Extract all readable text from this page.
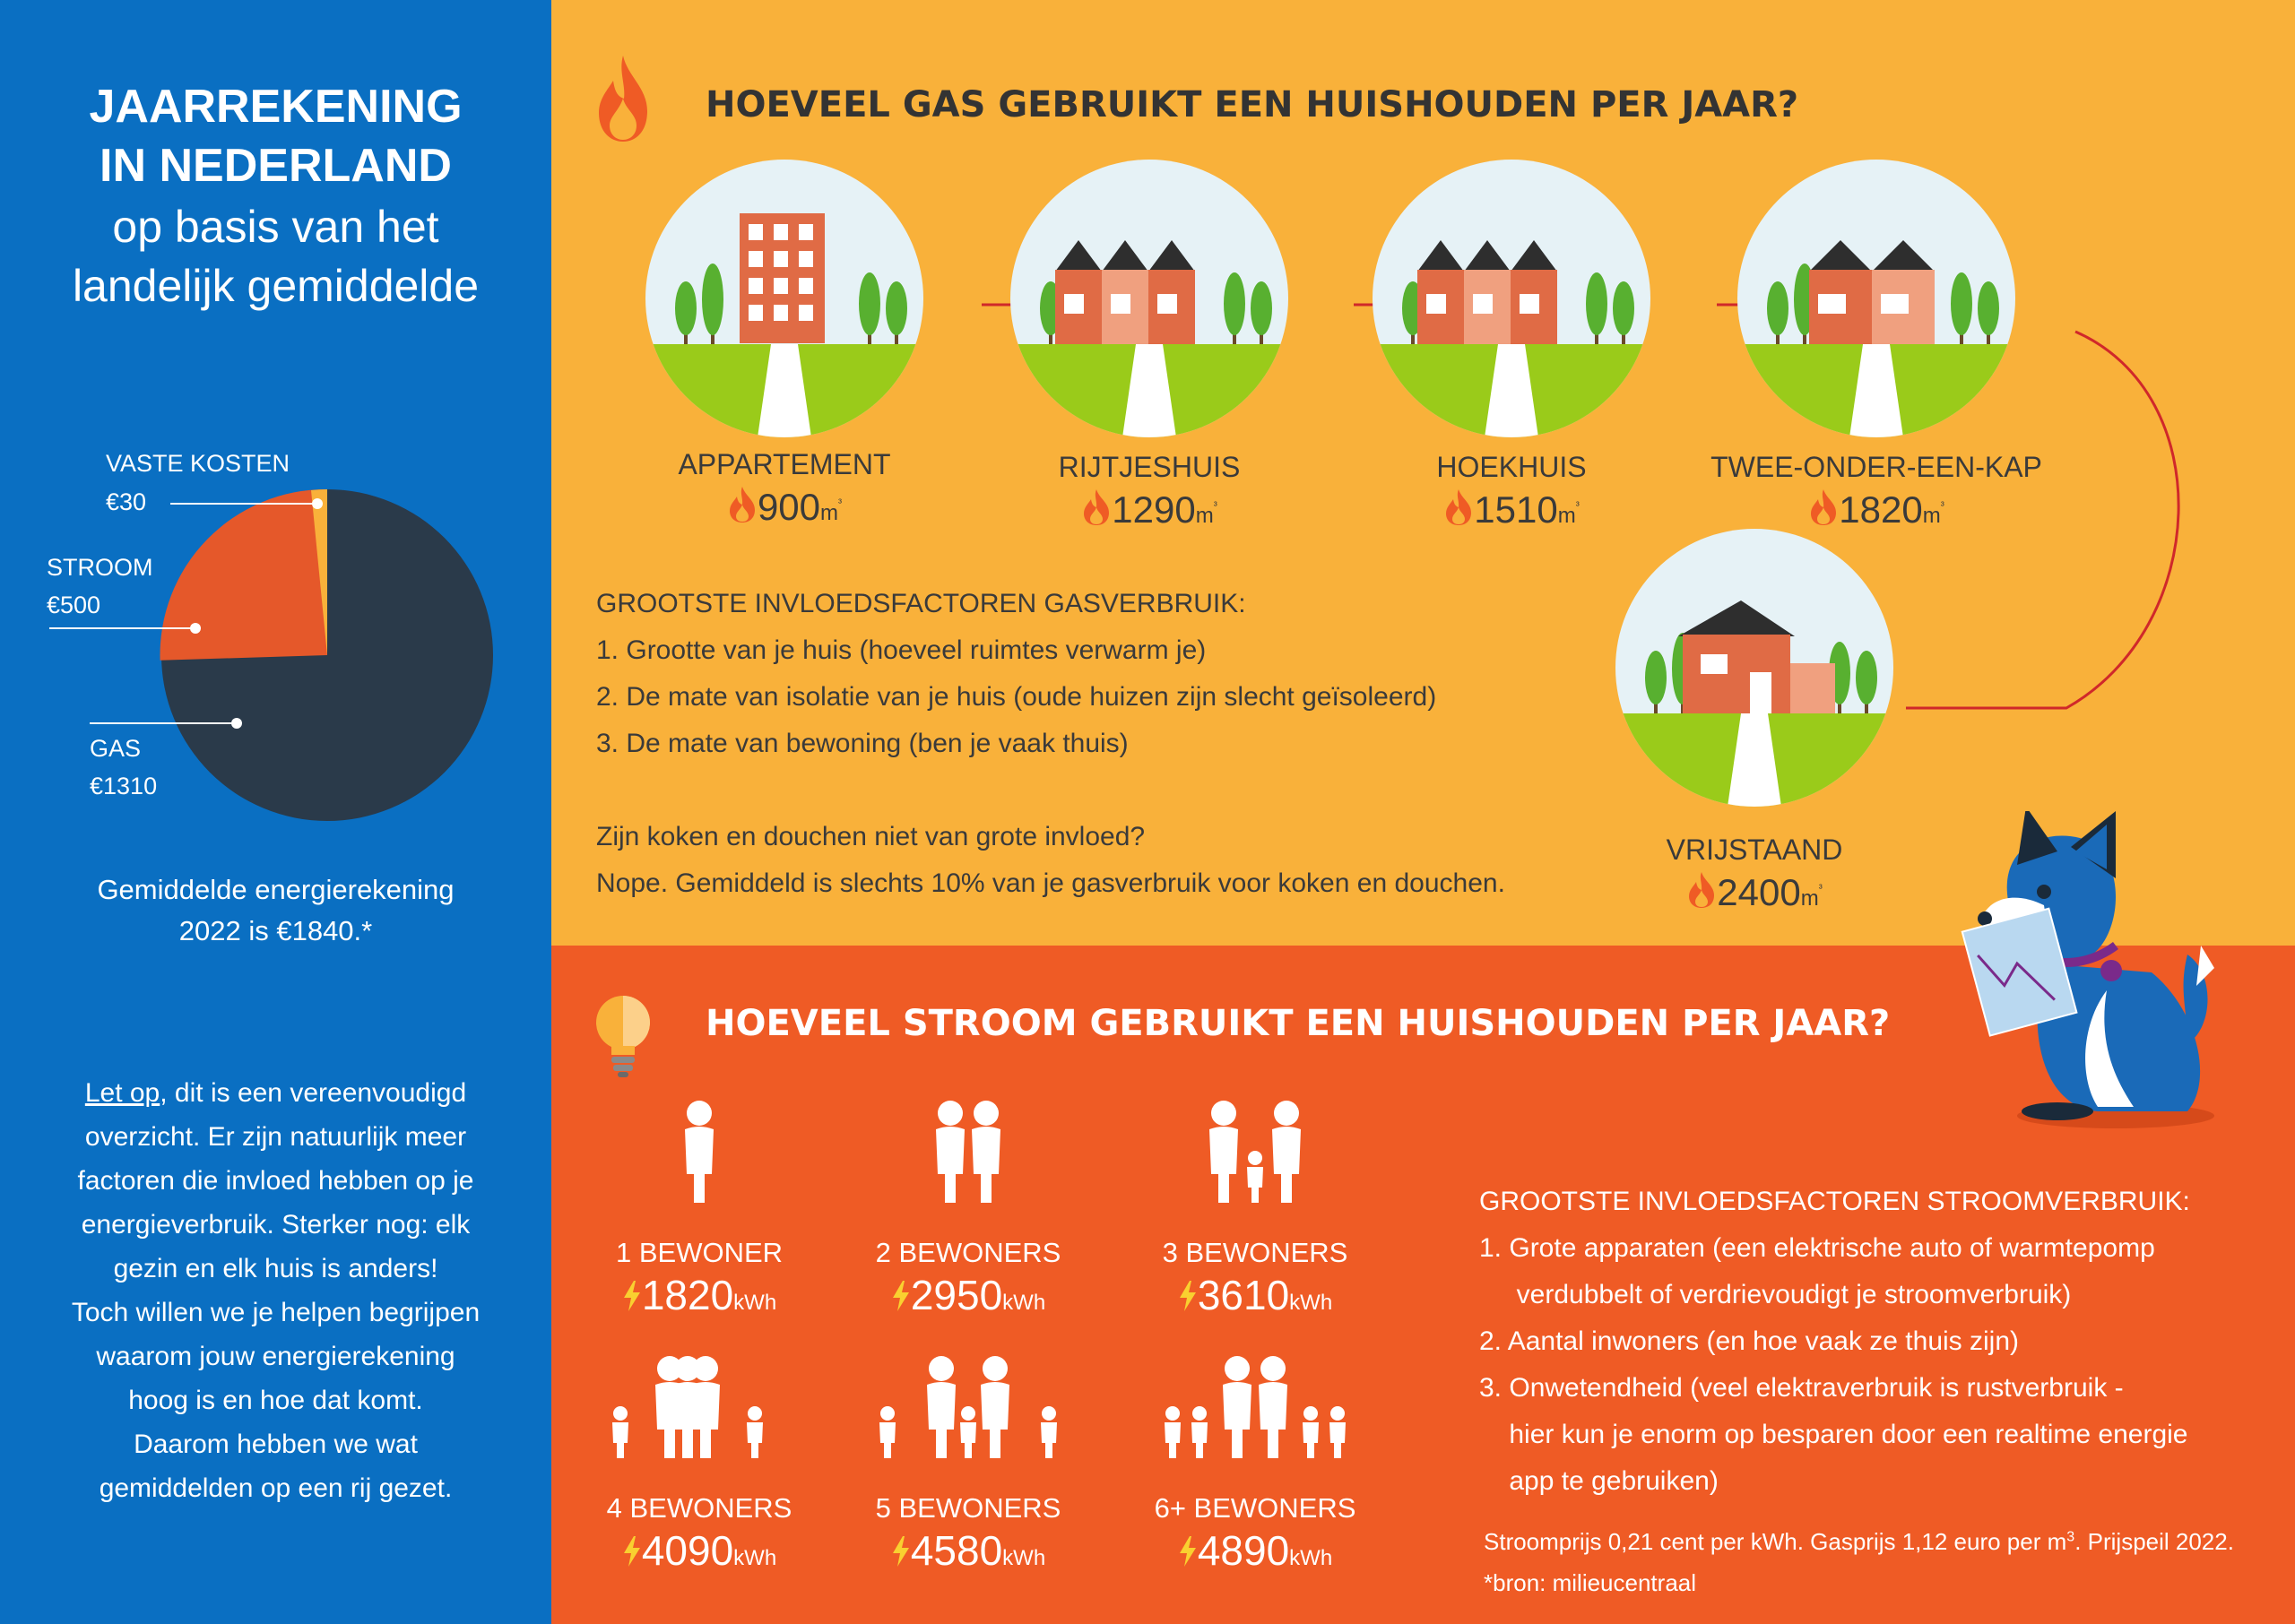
JAARREKENING
IN NEDERLAND
op basis van het
landelijk gemiddelde
VASTE KOSTEN
€30
STROOM
€500
GAS
€1310
Gemiddelde energierekening
2022 is €1840.*
Let op, dit is een vereenvoudigd
overzicht. Er zijn natuurlijk meer
factoren die invloed hebben op je
energieverbruik. Sterker nog: elk
gezin en elk huis is anders!
Toch willen we je helpen begrijpen
waarom jouw energierekening
hoog is en hoe dat komt.
Daarom hebben we wat
gemiddelden op een rij gezet.
HOEVEEL GAS GEBRUIKT EEN HUISHOUDEN PER JAAR?
APPARTEMENT
$900m^{^3}$
RIJTJESHUIS
$1290m^{^3}$
HOEKHUIS
$1510m^{^3}$
TWEE-ONDER-EEN-KAP
$1820m^{^3}$
VRIJSTAAND
$2400m^{^3}$
GROOTSTE INVLOEDSFACTOREN GASVERBRUIK:
1. Grootte van je huis (hoeveel ruimtes verwarm je)
2. De mate van isolatie van je huis (oude huizen zijn slecht geïsoleerd)
3. De mate van bewoning (ben je vaak thuis)
Zijn koken en douchen niet van grote invloed?
Nope. Gemiddeld is slechts 10% van je gasverbruik voor koken en douchen.
HOEVEEL STROOM GEBRUIKT EEN HUISHOUDEN PER JAAR?
1 BEWONER
1820kWh
2 BEWONERS
2950kWh
3 BEWONERS
3610kWh
4 BEWONERS
4090kWh
5 BEWONERS
4580kWh
6+ BEWONERS
4890kWh
GROOTSTE INVLOEDSFACTOREN STROOMVERBRUIK:
1. Grote apparaten (een elektrische auto of warmtepomp
verdubbelt of verdrievoudigt je stroomverbruik)
2. Aantal inwoners (en hoe vaak ze thuis zijn)
3. Onwetendheid (veel elektraverbruik is rustverbruik -
hier kun je enorm op besparen door een realtime energie
app te gebruiken)
Stroomprijs 0,21 cent per kWh. Gasprijs 1,12 euro per $m^3$. Prijspeil 2022.
*bron: milieucentraal
